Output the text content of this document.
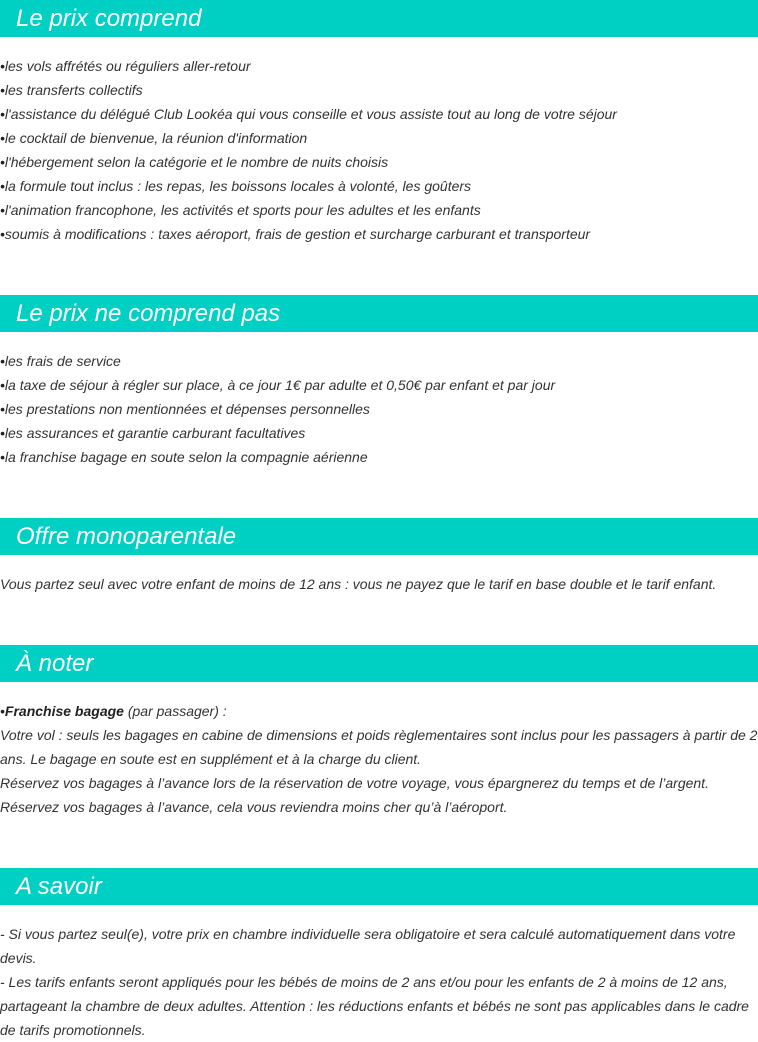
Le prix comprend

• les vols affrétés ou réguliers aller-retour

• les transferts collectifs

• l'assistance du délégué Club Lookéa qui vous conseille et vous assiste tout au long de votre séjour

• le cocktail de bienvenue, la réunion d'information

• l'hébergement selon la catégorie et le nombre de nuits choisis

• la formule tout inclus : les repas, les boissons locales à volonté, les goûters

• l'animation francophone, les activités et sports pour les adultes et les enfants

• soumis à modifications : taxes aéroport, frais de gestion et surcharge carburant et transporteur

Le prix ne comprend pas

• les frais de service

• la taxe de séjour à régler sur place, à ce jour 1€ par adulte et 0,50€ par enfant et par jour

• les prestations non mentionnées et dépenses personnelles

• les assurances et garantie carburant facultatives

• la franchise bagage en soute selon la compagnie aérienne

Offre monoparentale

Vous partez seul avec votre enfant de moins de 12 ans : vous ne payez que le tarif en base double et le tarif enfant.

À noter

• Franchise bagage (par passager) :

Votre vol : seuls les bagages en cabine de dimensions et poids règlementaires sont inclus pour les passagers à partir de 2 ans. Le bagage en soute est en supplément et à la charge du client.

Réservez vos bagages à l’avance lors de la réservation de votre voyage, vous épargnerez du temps et de l’argent.

Réservez vos bagages à l’avance, cela vous reviendra moins cher qu’à l’aéroport.

A savoir

- Si vous partez seul(e), votre prix en chambre individuelle sera obligatoire et sera calculé automatiquement dans votre devis.

- Les tarifs enfants seront appliqués pour les bébés de moins de 2 ans et/ou pour les enfants de 2 à moins de 12 ans, partageant la chambre de deux adultes. Attention : les réductions enfants et bébés ne sont pas applicables dans le cadre de tarifs promotionnels.
